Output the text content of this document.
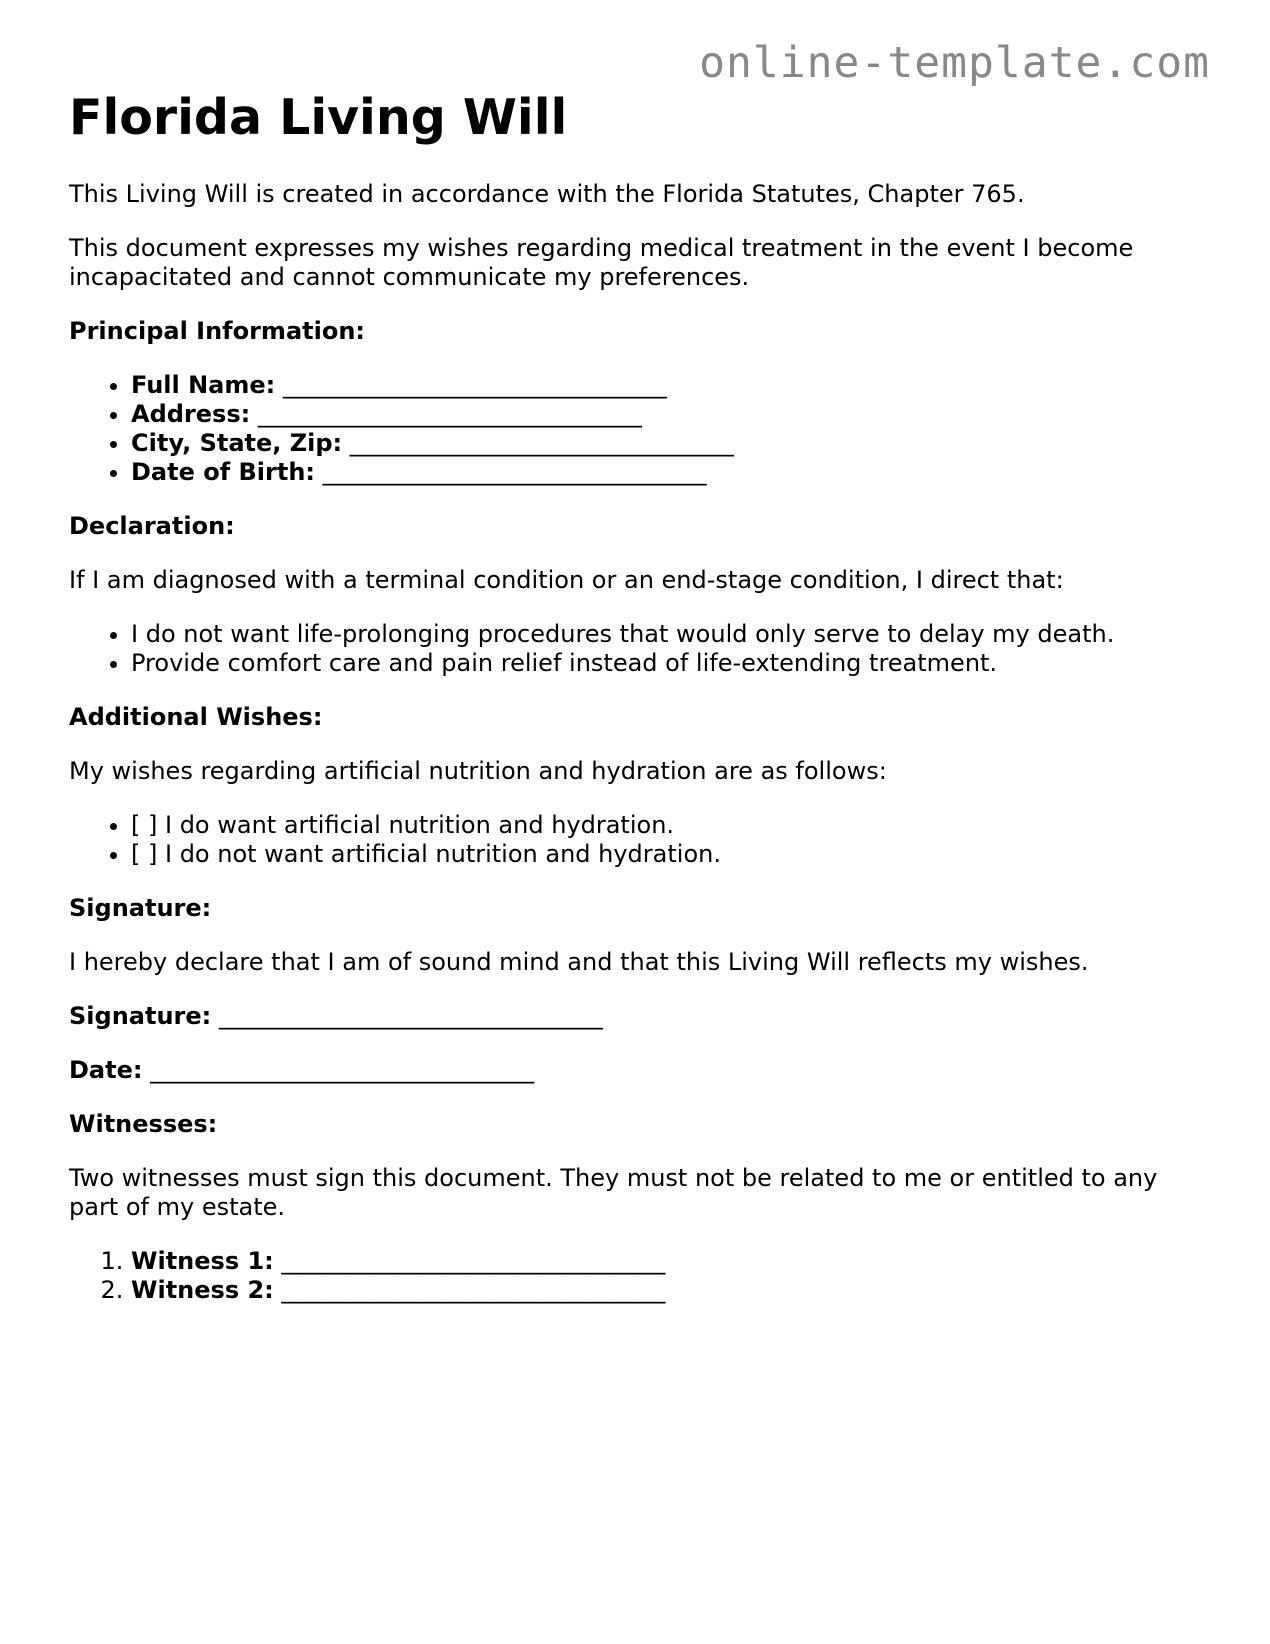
online-template.com
Florida Living Will

This Living Will is created in accordance with the Florida Statutes, Chapter 765.

This document expresses my wishes regarding medical treatment in the event I become incapacitated and cannot communicate my preferences.

Principal Information:

• Full Name: ________________________________
• Address: ________________________________
• City, State, Zip: ________________________________
• Date of Birth: ________________________________

Declaration:

If I am diagnosed with a terminal condition or an end-stage condition, I direct that:

• I do not want life-prolonging procedures that would only serve to delay my death.
• Provide comfort care and pain relief instead of life-extending treatment.

Additional Wishes:

My wishes regarding artificial nutrition and hydration are as follows:

• [ ] I do want artificial nutrition and hydration.
• [ ] I do not want artificial nutrition and hydration.

Signature:

I hereby declare that I am of sound mind and that this Living Will reflects my wishes.

Signature: ________________________________

Date: ________________________________

Witnesses:

Two witnesses must sign this document. They must not be related to me or entitled to any part of my estate.

1. Witness 1: ________________________________
2. Witness 2: ________________________________
